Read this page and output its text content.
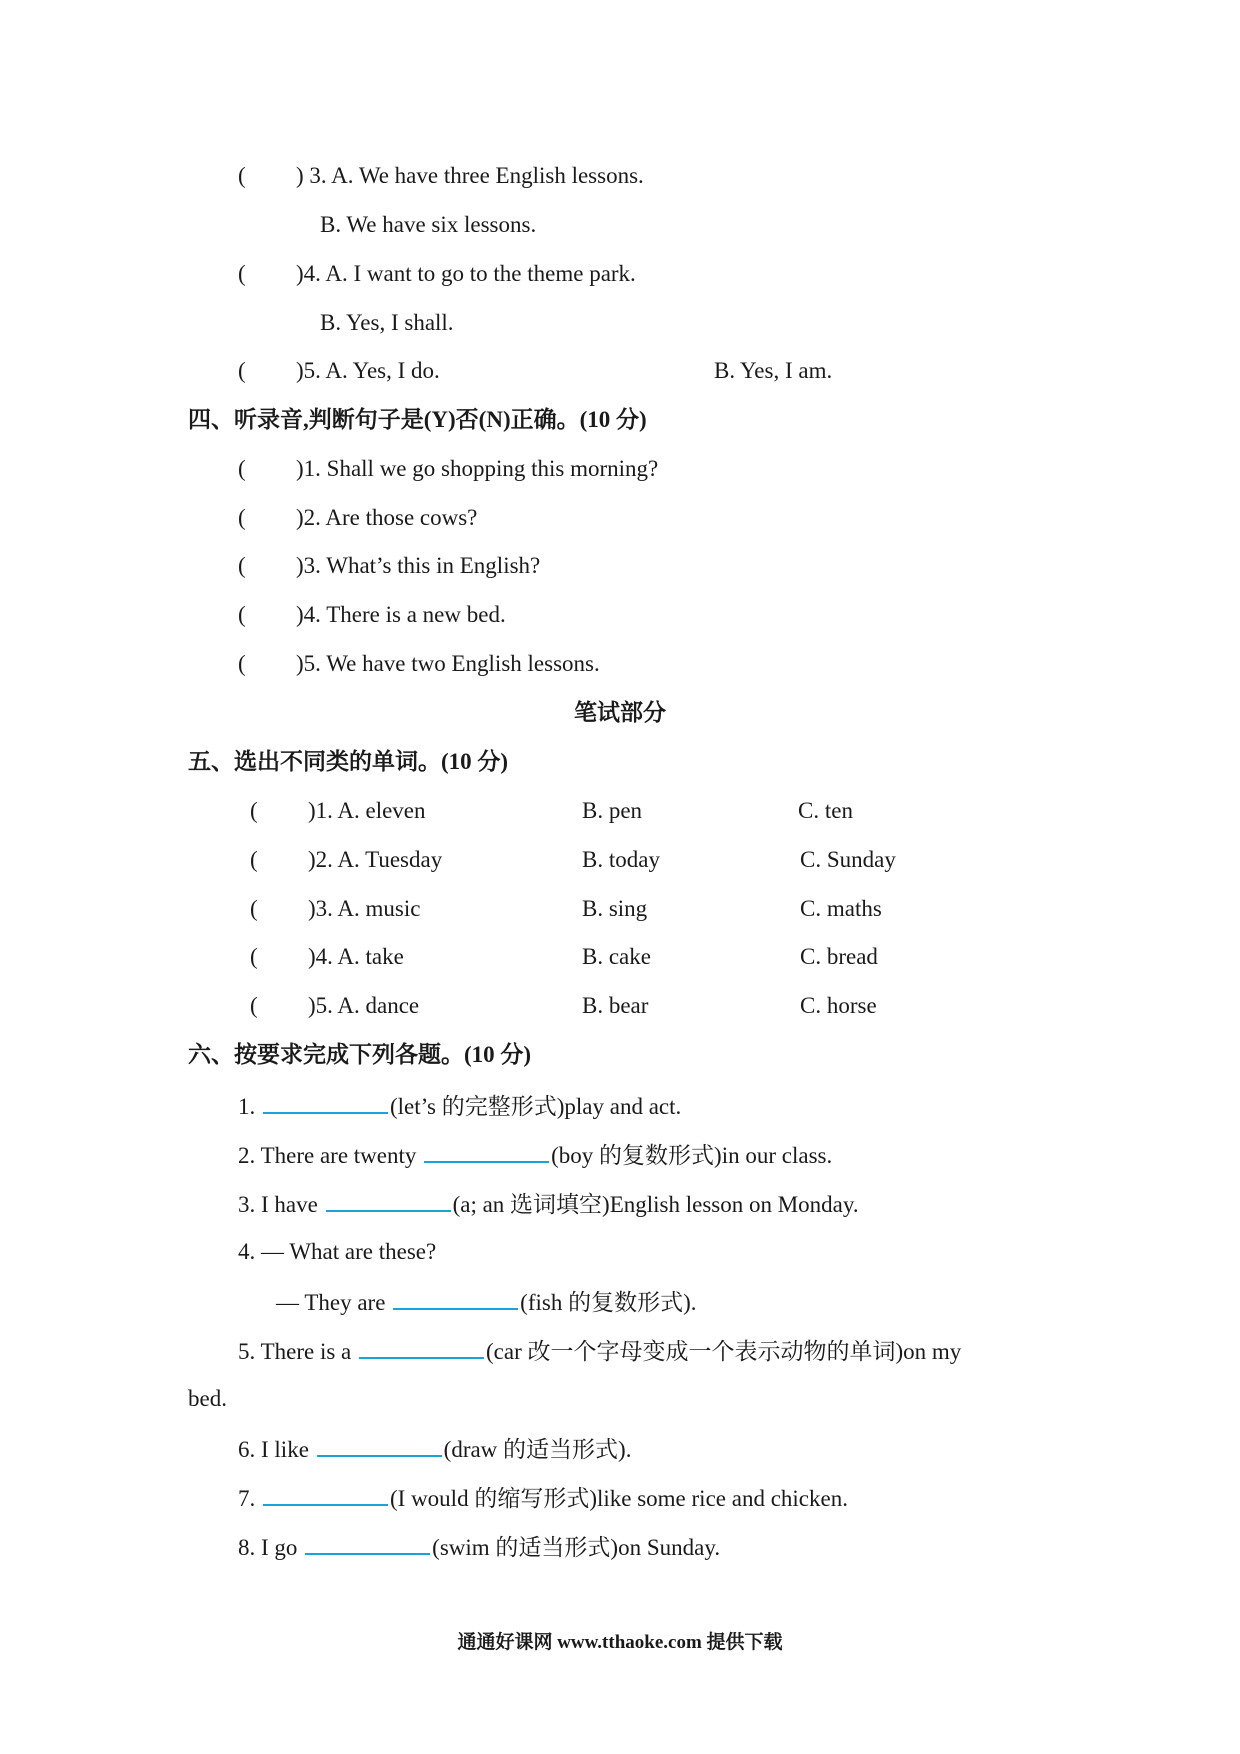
( ) 3. A. We have three English lessons.
B. We have six lessons.
( )4. A. I want to go to the theme park.
B. Yes, I shall.
( )5. A. Yes, I do.	B. Yes, I am.
四、听录音,判断句子是(Y)否(N)正确。(10 分)
( )1. Shall we go shopping this morning?
( )2. Are those cows?
( )3. What’s this in English?
( )4. There is a new bed.
( )5. We have two English lessons.
笔试部分
五、选出不同类的单词。(10 分)
( )1. A. eleven	B. pen	C. ten
( )2. A. Tuesday	B. today	C. Sunday
( )3. A. music	B. sing	C. maths
( )4. A. take	B. cake	C. bread
( )5. A. dance	B. bear	C. horse
六、按要求完成下列各题。(10 分)
1.	(let’s 的完整形式)play and act.
2. There are twenty	(boy 的复数形式)in our class.
3. I have	(a; an 选词填空)English lesson on Monday.
4. — What are these?
— They are	(fish 的复数形式).
5. There is a	(car 改一个字母变成一个表示动物的单词)on my
bed.
6. I like	(draw 的适当形式).
7.	(I would 的缩写形式)like some rice and chicken.
8. I go	(swim 的适当形式)on Sunday.
通通好课网 www.tthaoke.com 提供下载
